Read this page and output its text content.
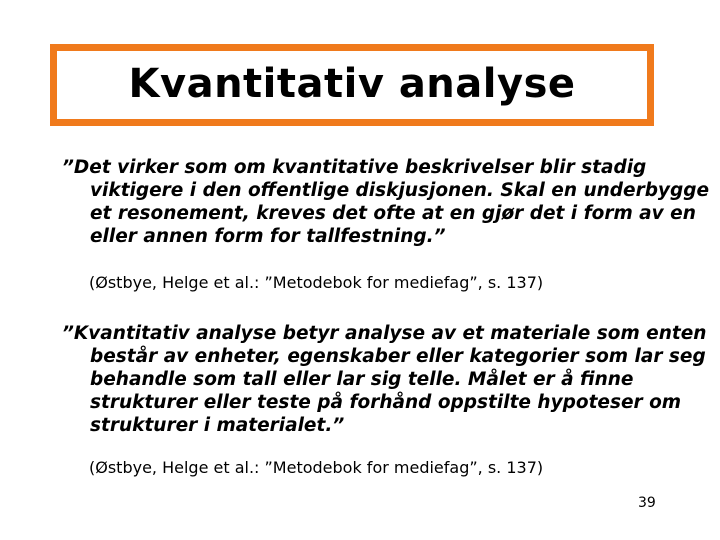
Kvantitativ analyse
”Det virker som om kvantitative beskrivelser blir stadig viktigere i den offentlige diskjusjonen. Skal en underbygge et resonement, kreves det ofte at en gjør det i form av en eller annen form for tallfestning.”
(Østbye, Helge et al.: ”Metodebok for mediefag”, s. 137)
”Kvantitativ analyse betyr analyse av et materiale som enten består av enheter, egenskaber eller kategorier som lar seg behandle som tall eller lar sig telle. Målet er å finne strukturer eller teste på forhånd oppstilte hypoteser om strukturer i materialet.”
(Østbye, Helge et al.: ”Metodebok for mediefag”, s. 137)
39
